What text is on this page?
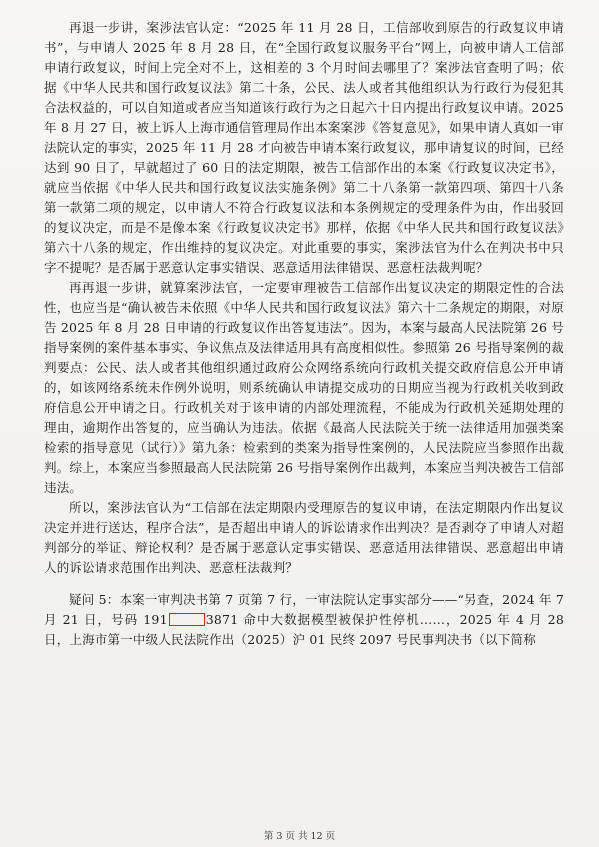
再退一步讲，案涉法官认定：“2025 年 11 月 28 日，工信部收到原告的行政复议申请书”，与申请人 2025 年 8 月 28 日，在“全国行政复议服务平台”网上，向被申请人工信部申请行政复议，时间上完全对不上，这相差的 3 个月时间去哪里了？案涉法官查明了吗；依据《中华人民共和国行政复议法》第二十条，公民、法人或者其他组织认为行政行为侵犯其合法权益的，可以自知道或者应当知道该行政行为之日起六十日内提出行政复议申请。2025 年 8 月 27 日，被上诉人上海市通信管理局作出本案案涉《答复意见》，如果申请人真如一审法院认定的事实，2025 年 11 月 28 才向被告申请本案行政复议，那申请复议的时间，已经达到 90 日了，早就超过了 60 日的法定期限，被告工信部作出的本案《行政复议决定书》，就应当依据《中华人民共和国行政复议法实施条例》第二十八条第一款第四项、第四十八条第一款第二项的规定，以申请人不符合行政复议法和本条例规定的受理条件为由，作出驳回的复议决定，而是不是像本案《行政复议决定书》那样，依据《中华人民共和国行政复议法》第六十八条的规定，作出维持的复议决定。对此重要的事实，案涉法官为什么在判决书中只字不提呢？是否属于恶意认定事实错误、恶意适用法律错误、恶意枉法裁判呢？

再再退一步讲，就算案涉法官，一定要审理被告工信部作出复议决定的期限定性的合法性，也应当是“确认被告未依照《中华人民共和国行政复议法》第六十二条规定的期限，对原告 2025 年 8 月 28 日申请的行政复议作出答复违法”。因为，本案与最高人民法院第 26 号指导案例的案件基本事实、争议焦点及法律适用具有高度相似性。参照第 26 号指导案例的裁判要点：公民、法人或者其他组织通过政府公众网络系统向行政机关提交政府信息公开申请的，如该网络系统未作例外说明，则系统确认申请提交成功的日期应当视为行政机关收到政府信息公开申请之日。行政机关对于该申请的内部处理流程，不能成为行政机关延期处理的理由，逾期作出答复的，应当确认为违法。依据《最高人民法院关于统一法律适用加强类案检索的指导意见（试行）》第九条：检索到的类案为指导性案例的，人民法院应当参照作出裁判。综上，本案应当参照最高人民法院第 26 号指导案例作出裁判，本案应当判决被告工信部违法。

所以，案涉法官认为“工信部在法定期限内受理原告的复议申请，在法定期限内作出复议决定并进行送达，程序合法”，是否超出申请人的诉讼请求作出判决？是否剥夺了申请人对超判部分的举证、辩论权利？是否属于恶意认定事实错误、恶意适用法律错误、恶意超出申请人的诉讼请求范围作出判决、恶意枉法裁判？

疑问 5：本案一审判决书第 7 页第 7 行，一审法院认定事实部分——“另查，2024 年 7 月 21 日，号码 191	3871 命中大数据模型被保护性停机……，2025 年 4 月 28 日，上海市第一中级人民法院作出（2025）沪 01 民终 2097 号民事判决书（以下简称

第 3 页 共 12 页
